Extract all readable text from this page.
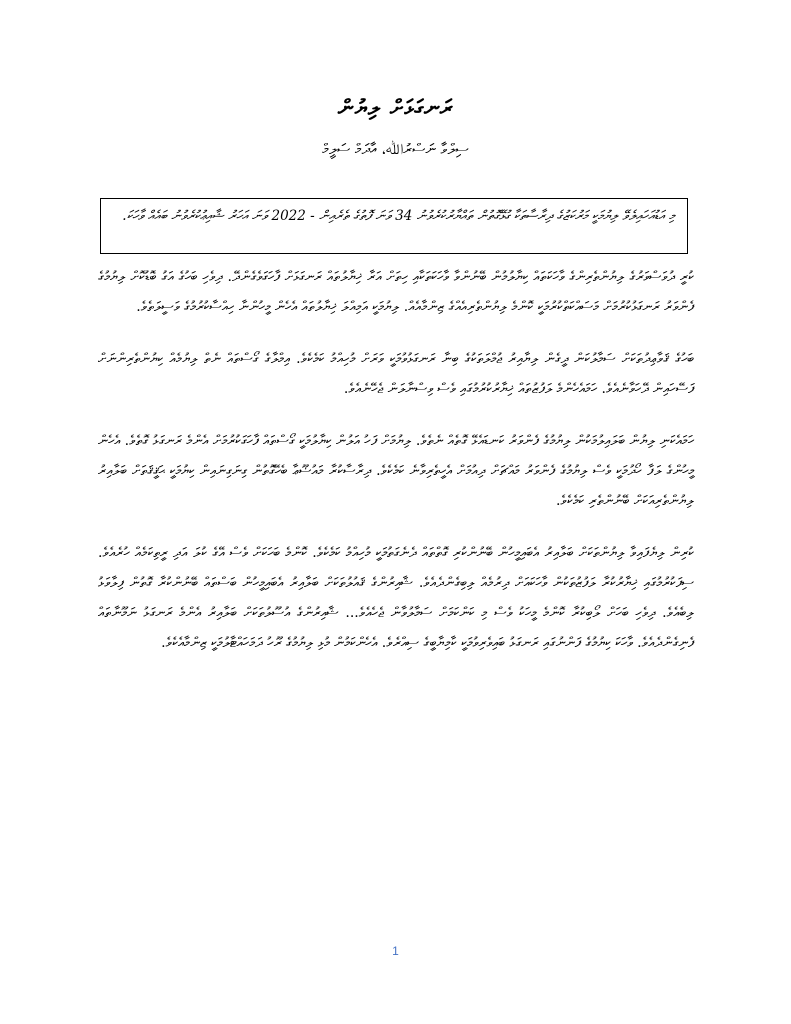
ރަނގަޅަށް ލިޔުން
ސިލްވާ ނަސްރުﷲ، އާދަމް ސަލީމް
މި އަޑުއަހައިލެވޭ ލިޔުމަކީ މަރުކަޒުގެ ދިރާސާތަކާ ގުޅޭގޮތުން ތައްޔާރުކުރެވުނު 34 ވަނަ ފޮތުގެ ތެރެއިން - 2022 ވަނަ އަހަރު ޝާއިޢުކުރެވުނު ބައެއް ވާހަކަ.

ކުރީ ދުވަސްވަރުގެ ލިޔުންތެރިންގެ ވާހަކަތައް ކިޔާލުމުން ބޭނުންވާ ވާހަކަތަކާއި ހިތަށް އަރާ ޚިޔާލުތައް ރަނގަޅަށް ފާހަގަވެގެންދޭ. ދިވެހި ބަހުގެ އަގު ބޮޑުކޮށް ލިޔުމުގެ ފެންވަރު ރަނގަޅުކުރުމަށް މަސައްކަތްކުރުމަކީ ކޮންމެ ލިޔުންތެރިއެއްގެ ޒިންމާއެއް. ލިޔުމަކީ އަމިއްލަ ޚިޔާލުތައް އެހެން މީހުންނާ ހިއްސާކުރުމުގެ ވަސީލަތެވެ.

ބަހުގެ ޤަވާޢިދުތަކަށް ސަމާލުކަން ދީގެން ލިޔާއިރު ޖުމްލަތަކުގެ ބިނާ ރަނގަޅުވުމަކީ ވަރަށް މުހިއްމު ކަމެކެވެ. އިމްލާގެ ގޯސްތައް ނެތް ލިޔުމެއް ކިޔުންތެރިންނަށް ފަސޭހައިން ދޭހަވާނެއެވެ. ހަމައެހެންމެ ލަފުޒުތައް ޚިޔާރުކުރުމުގައި ވެސް ވިސްނާލަން ޖެހޭނެއެވެ.

ހަމައެކަނި ލިޔުން ބަލައިލުމަކުން ލިޔުމުގެ ފެންވަރު ކަނޑައެޅޭ ގޮތެއް ނެތެވެ. ލިޔުމަށް ފަހު އަލުން ކިޔާލުމަކީ ގޯސްތައް ފާހަގަކުރުމަށް އެންމެ ރަނގަޅު ގޮތެވެ. އެހެން މީހުންގެ ލަފާ ހޯދުމަކީ ވެސް ލިޔުމުގެ ފެންވަރު މައްޗަށް ދިއުމަށް އެހީތެރިވާނެ ކަމެކެވެ. ދިރާސާކުރާ މައުޟޫޢާ ބެހޭގޮތުން ގިނަގިނައިން ކިޔުމަކީ ޙަޤީޤަތަށް ބަލާއިރު ލިޔުންތެރިއަކަށް ބޭނުންތެރި ކަމެކެވެ.

ކުރިން ލިޔެފައިވާ ލިޔުންތަކަށް ބަލާއިރު އެބައިމީހުން ބޭނުންކުރި ގޮތްތައް ދެނެގަތުމަކީ މުހިއްމު ކަމެކެވެ. ކޮންމެ ބަހަކަށް ވެސް އޭގެ ކުލަ އަދި ރީތިކަމެއް ހުރެއެވެ. ސިފަކުރުމުގައި ޚިޔާރުކުރާ ލަފުޒުތަކުން ވާހަކައަށް ދިރުމެއް ލިބިގެންދެއެވެ. ޝާއިރުންގެ ޤައުލުތަކަށް ބަލާއިރު އެބައިމީހުން ބަސްތައް ބޭނުންކުރާ ގޮތުން ފިލާވަޅު ލިބެއެވެ. ދިވެހި ބަހަށް ލޯބިކުރާ ކޮންމެ މީހަކު ވެސް މި ކަންކަމަށް ސަމާލުވާން ޖެހެއެވެ... ޝާއިރުންގެ އުސޫލުތަކަށް ބަލާއިރު އެންމެ ރަނގަޅު ނަމޫނާތައް ފެނިގެންދެއެވެ. ވާހަކަ ކިޔުމުގެ ފަންނުގައި ރަނގަޅު ބައިވެރިވުމަކީ ކާމިޔާބީގެ ސިއްރެވެ. އެހެންކަމުން މުޅި ލިޔުމުގެ ރޫހު ދަމަހައްޓާލުމަކީ ޒިންމާއެކެވެ.

1
